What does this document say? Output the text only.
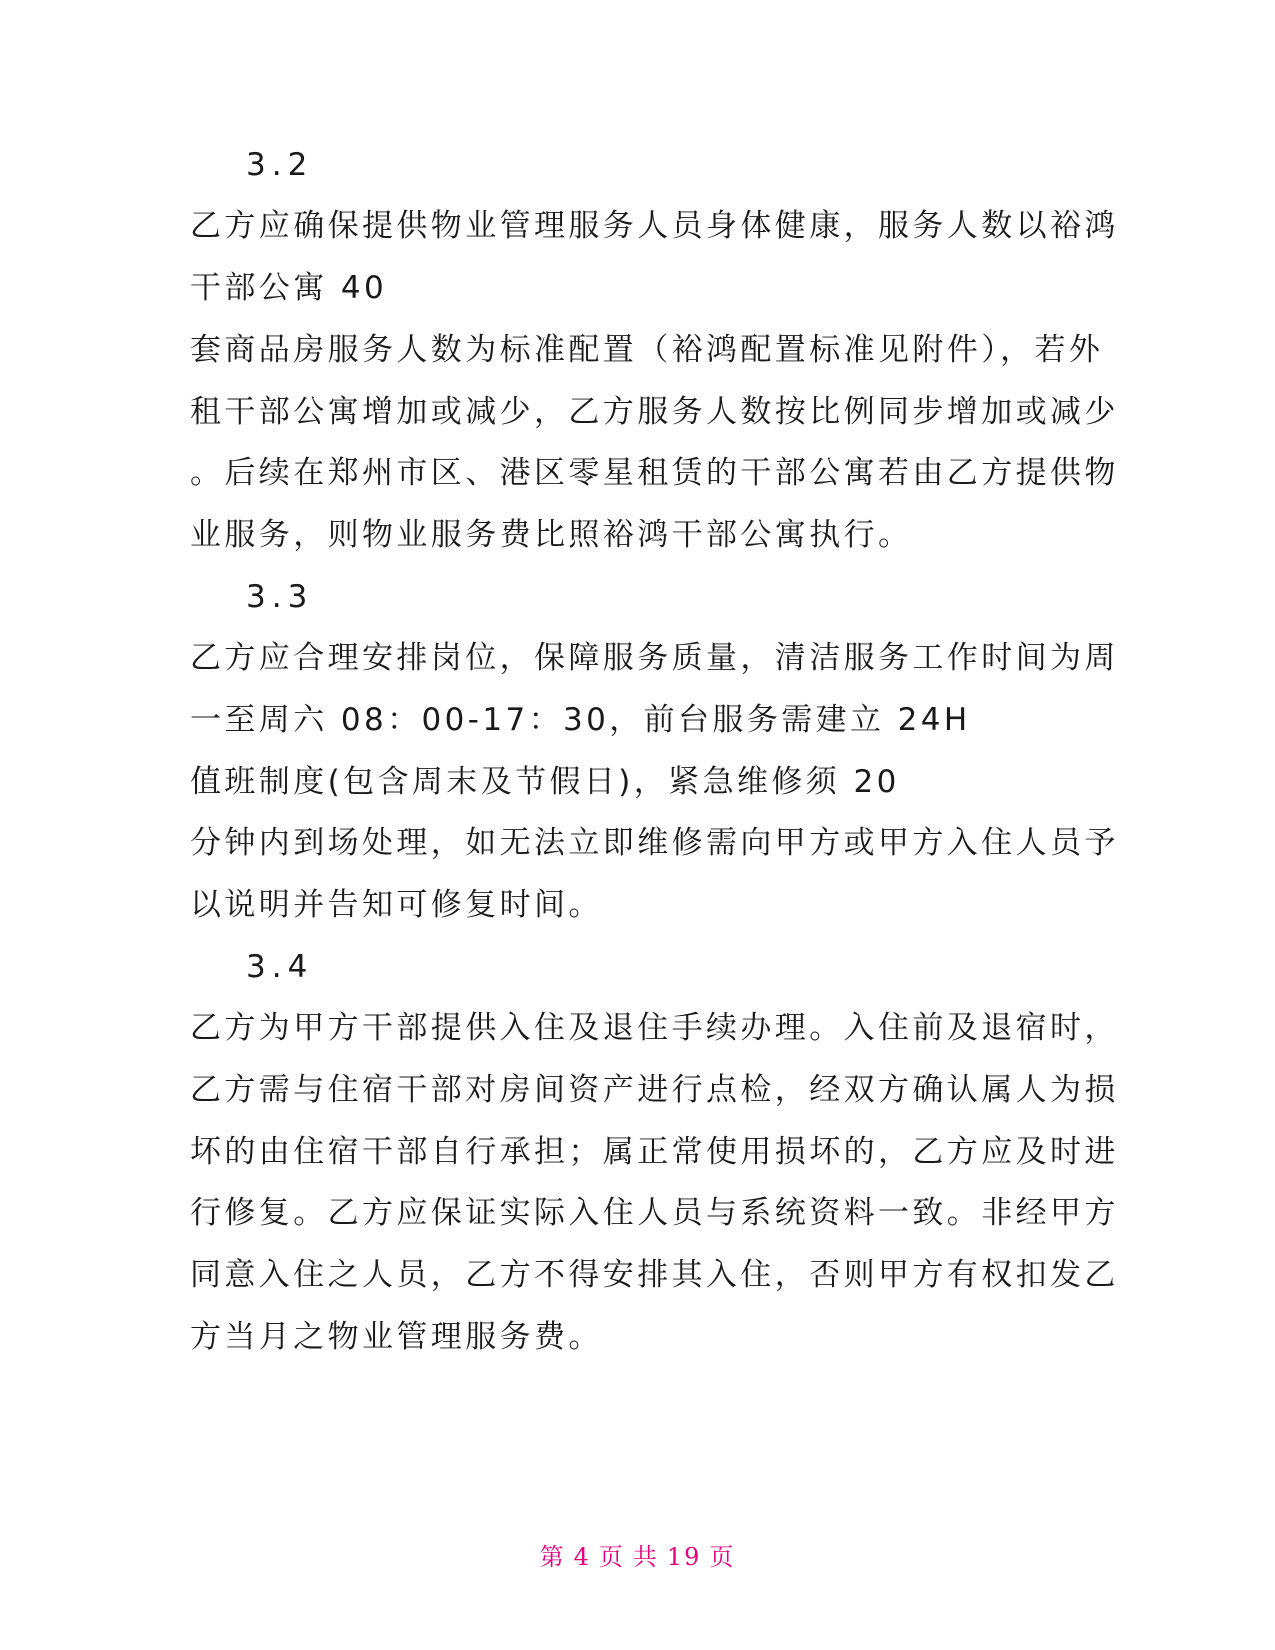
3.2
乙方应确保提供物业管理服务人员身体健康，服务人数以裕鸿
干部公寓 40
套商品房服务人数为标准配置（裕鸿配置标准见附件），若外
租干部公寓增加或减少，乙方服务人数按比例同步增加或减少
。后续在郑州市区、港区零星租赁的干部公寓若由乙方提供物
业服务，则物业服务费比照裕鸿干部公寓执行。
3.3
乙方应合理安排岗位，保障服务质量，清洁服务工作时间为周
一至周六 08：00-17：30，前台服务需建立 24H
值班制度(包含周末及节假日)，紧急维修须 20
分钟内到场处理，如无法立即维修需向甲方或甲方入住人员予
以说明并告知可修复时间。
3.4
乙方为甲方干部提供入住及退住手续办理。入住前及退宿时，
乙方需与住宿干部对房间资产进行点检，经双方确认属人为损
坏的由住宿干部自行承担；属正常使用损坏的，乙方应及时进
行修复。乙方应保证实际入住人员与系统资料一致。非经甲方
同意入住之人员，乙方不得安排其入住，否则甲方有权扣发乙
方当月之物业管理服务费。
第 4 页 共 19 页
